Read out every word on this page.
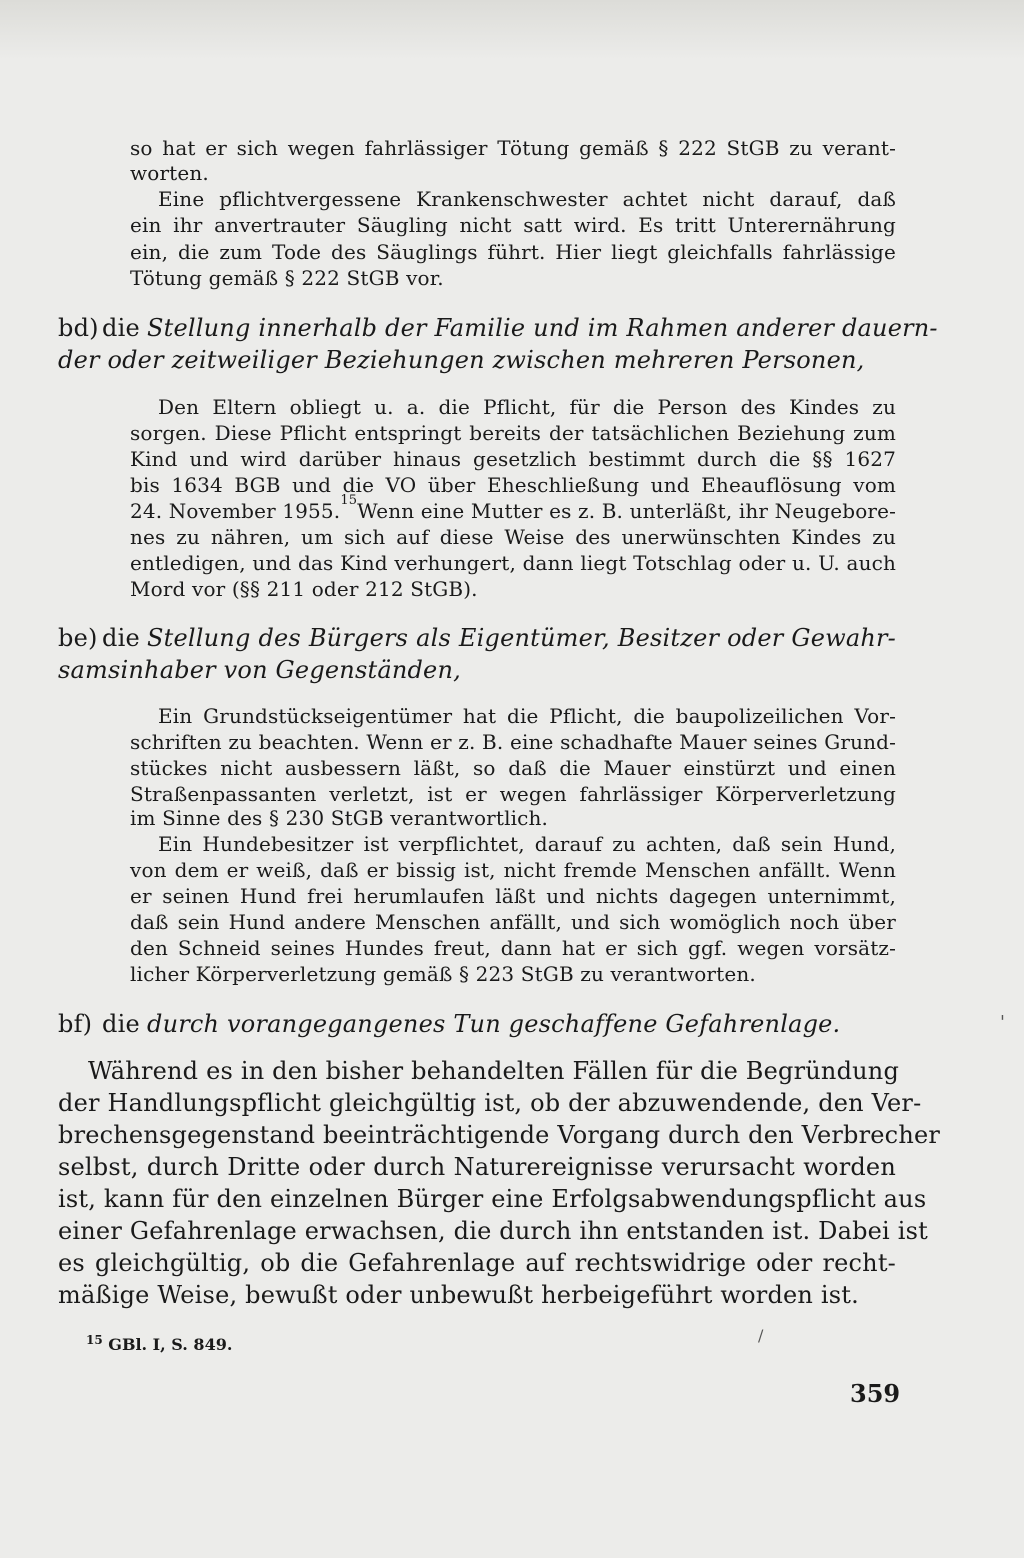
so hat er sich wegen fahrlässiger Tötung gemäß § 222 StGB zu verant-
worten.
Eine pflichtvergessene Krankenschwester achtet nicht darauf, daß
ein ihr anvertrauter Säugling nicht satt wird. Es tritt Unterernährung
ein, die zum Tode des Säuglings führt. Hier liegt gleichfalls fahrlässige
Tötung gemäß § 222 StGB vor.
bd) die Stellung innerhalb der Familie und im Rahmen anderer dauern-
der oder zeitweiliger Beziehungen zwischen mehreren Personen,
Den Eltern obliegt u. a. die Pflicht, für die Person des Kindes zu
sorgen. Diese Pflicht entspringt bereits der tatsächlichen Beziehung zum
Kind und wird darüber hinaus gesetzlich bestimmt durch die §§ 1627
bis 1634 BGB und die VO über Eheschließung und Eheauflösung vom
24. November 1955. 15 Wenn eine Mutter es z. B. unterläßt, ihr Neugebore-
nes zu nähren, um sich auf diese Weise des unerwünschten Kindes zu
entledigen, und das Kind verhungert, dann liegt Totschlag oder u. U. auch
Mord vor (§§ 211 oder 212 StGB).
be) die Stellung des Bürgers als Eigentümer, Besitzer oder Gewahr-
samsinhaber von Gegenständen,
Ein Grundstückseigentümer hat die Pflicht, die baupolizeilichen Vor-
schriften zu beachten. Wenn er z. B. eine schadhafte Mauer seines Grund-
stückes nicht ausbessern läßt, so daß die Mauer einstürzt und einen
Straßenpassanten verletzt, ist er wegen fahrlässiger Körperverletzung
im Sinne des § 230 StGB verantwortlich.
Ein Hundebesitzer ist verpflichtet, darauf zu achten, daß sein Hund,
von dem er weiß, daß er bissig ist, nicht fremde Menschen anfällt. Wenn
er seinen Hund frei herumlaufen läßt und nichts dagegen unternimmt,
daß sein Hund andere Menschen anfällt, und sich womöglich noch über
den Schneid seines Hundes freut, dann hat er sich ggf. wegen vorsätz-
licher Körperverletzung gemäß § 223 StGB zu verantworten.
bf) die durch vorangegangenes Tun geschaffene Gefahrenlage.	'
Während es in den bisher behandelten Fällen für die Begründung
der Handlungspflicht gleichgültig ist, ob der abzuwendende, den Ver-
brechensgegenstand beeinträchtigende Vorgang durch den Verbrecher
selbst, durch Dritte oder durch Naturereignisse verursacht worden
ist, kann für den einzelnen Bürger eine Erfolgsabwendungspflicht aus
einer Gefahrenlage erwachsen, die durch ihn entstanden ist. Dabei ist
es gleichgültig, ob die Gefahrenlage auf rechtswidrige oder recht-
mäßige Weise, bewußt oder unbewußt herbeigeführt worden ist.
$^{15}$ GBl. I, S. 849.	/
359
